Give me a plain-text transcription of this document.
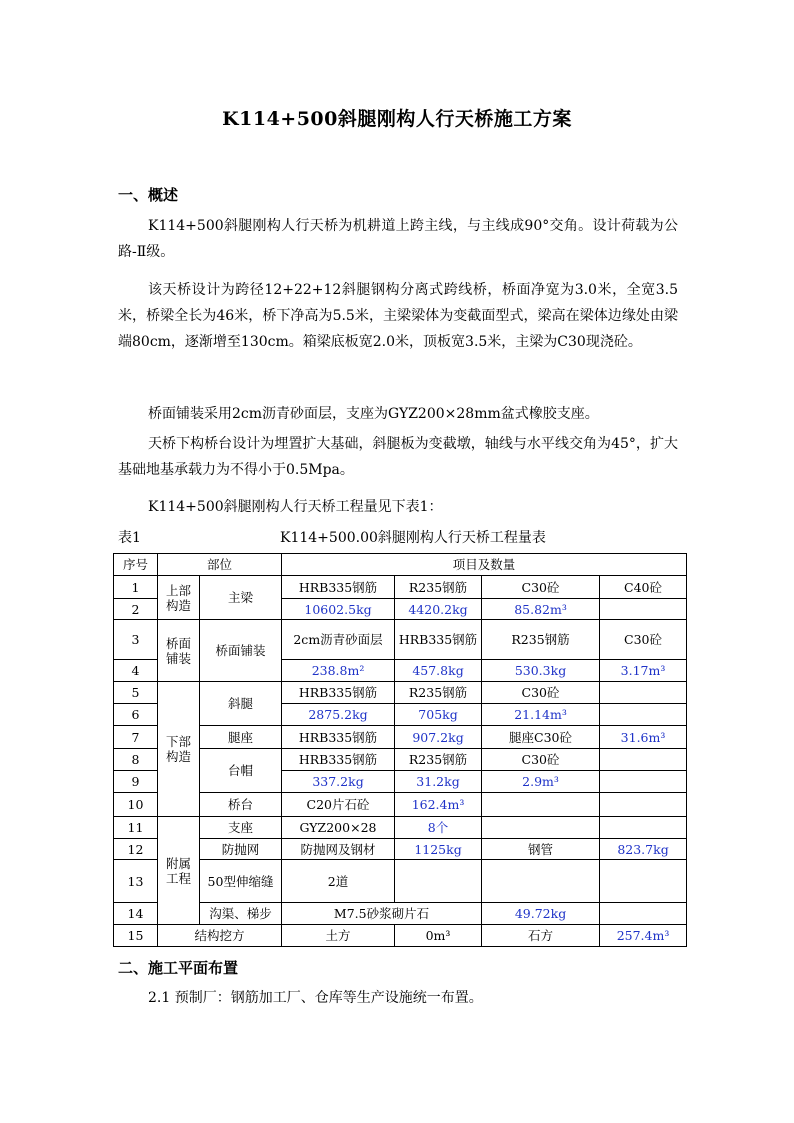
K114+500斜腿刚构人行天桥施工方案
一、概述
K114+500斜腿刚构人行天桥为机耕道上跨主线，与主线成90°交角。设计荷载为公路-Ⅱ级。
该天桥设计为跨径12+22+12斜腿钢构分离式跨线桥，桥面净宽为3.0米，全宽3.5米，桥梁全长为46米，桥下净高为5.5米，主梁梁体为变截面型式，梁高在梁体边缘处由梁端80cm，逐渐增至130cm。箱梁底板宽2.0米，顶板宽3.5米，主梁为C30现浇砼。
桥面铺装采用2cm沥青砂面层，支座为GYZ200×28mm盆式橡胶支座。
天桥下构桥台设计为埋置扩大基础，斜腿板为变截墩，轴线与水平线交角为45°，扩大基础地基承载力为不得小于0.5Mpa。
K114+500斜腿刚构人行天桥工程量见下表1：
表1	K114+500.00斜腿刚构人行天桥工程量表
序号	部位		项目及数量			
1	上部构造	主梁	HRB335钢筋	R235钢筋	C30砼	C40砼
2			10602.5kg	4420.2kg	85.82m³	
3	桥面铺装	桥面铺装	2cm沥青砂面层	HRB335钢筋	R235钢筋	C30砼
4			238.8m²	457.8kg	530.3kg	3.17m³
5	下部构造	斜腿	HRB335钢筋	R235钢筋	C30砼	
6			2875.2kg	705kg	21.14m³	
7		腿座	HRB335钢筋	907.2kg	腿座C30砼	31.6m³
8		台帽	HRB335钢筋	R235钢筋	C30砼	
9			337.2kg	31.2kg	2.9m³	
10		桥台	C20片石砼	162.4m³		
11	附属工程	支座	GYZ200×28	8个		
12		防抛网	防抛网及钢材	1125kg	钢管	823.7kg
13		50型伸缩缝	2道			
14		沟渠、梯步	M7.5砂浆砌片石		49.72kg	
15	结构挖方		土方	0m³	石方	257.4m³
二、施工平面布置
2.1 预制厂：钢筋加工厂、仓库等生产设施统一布置。
